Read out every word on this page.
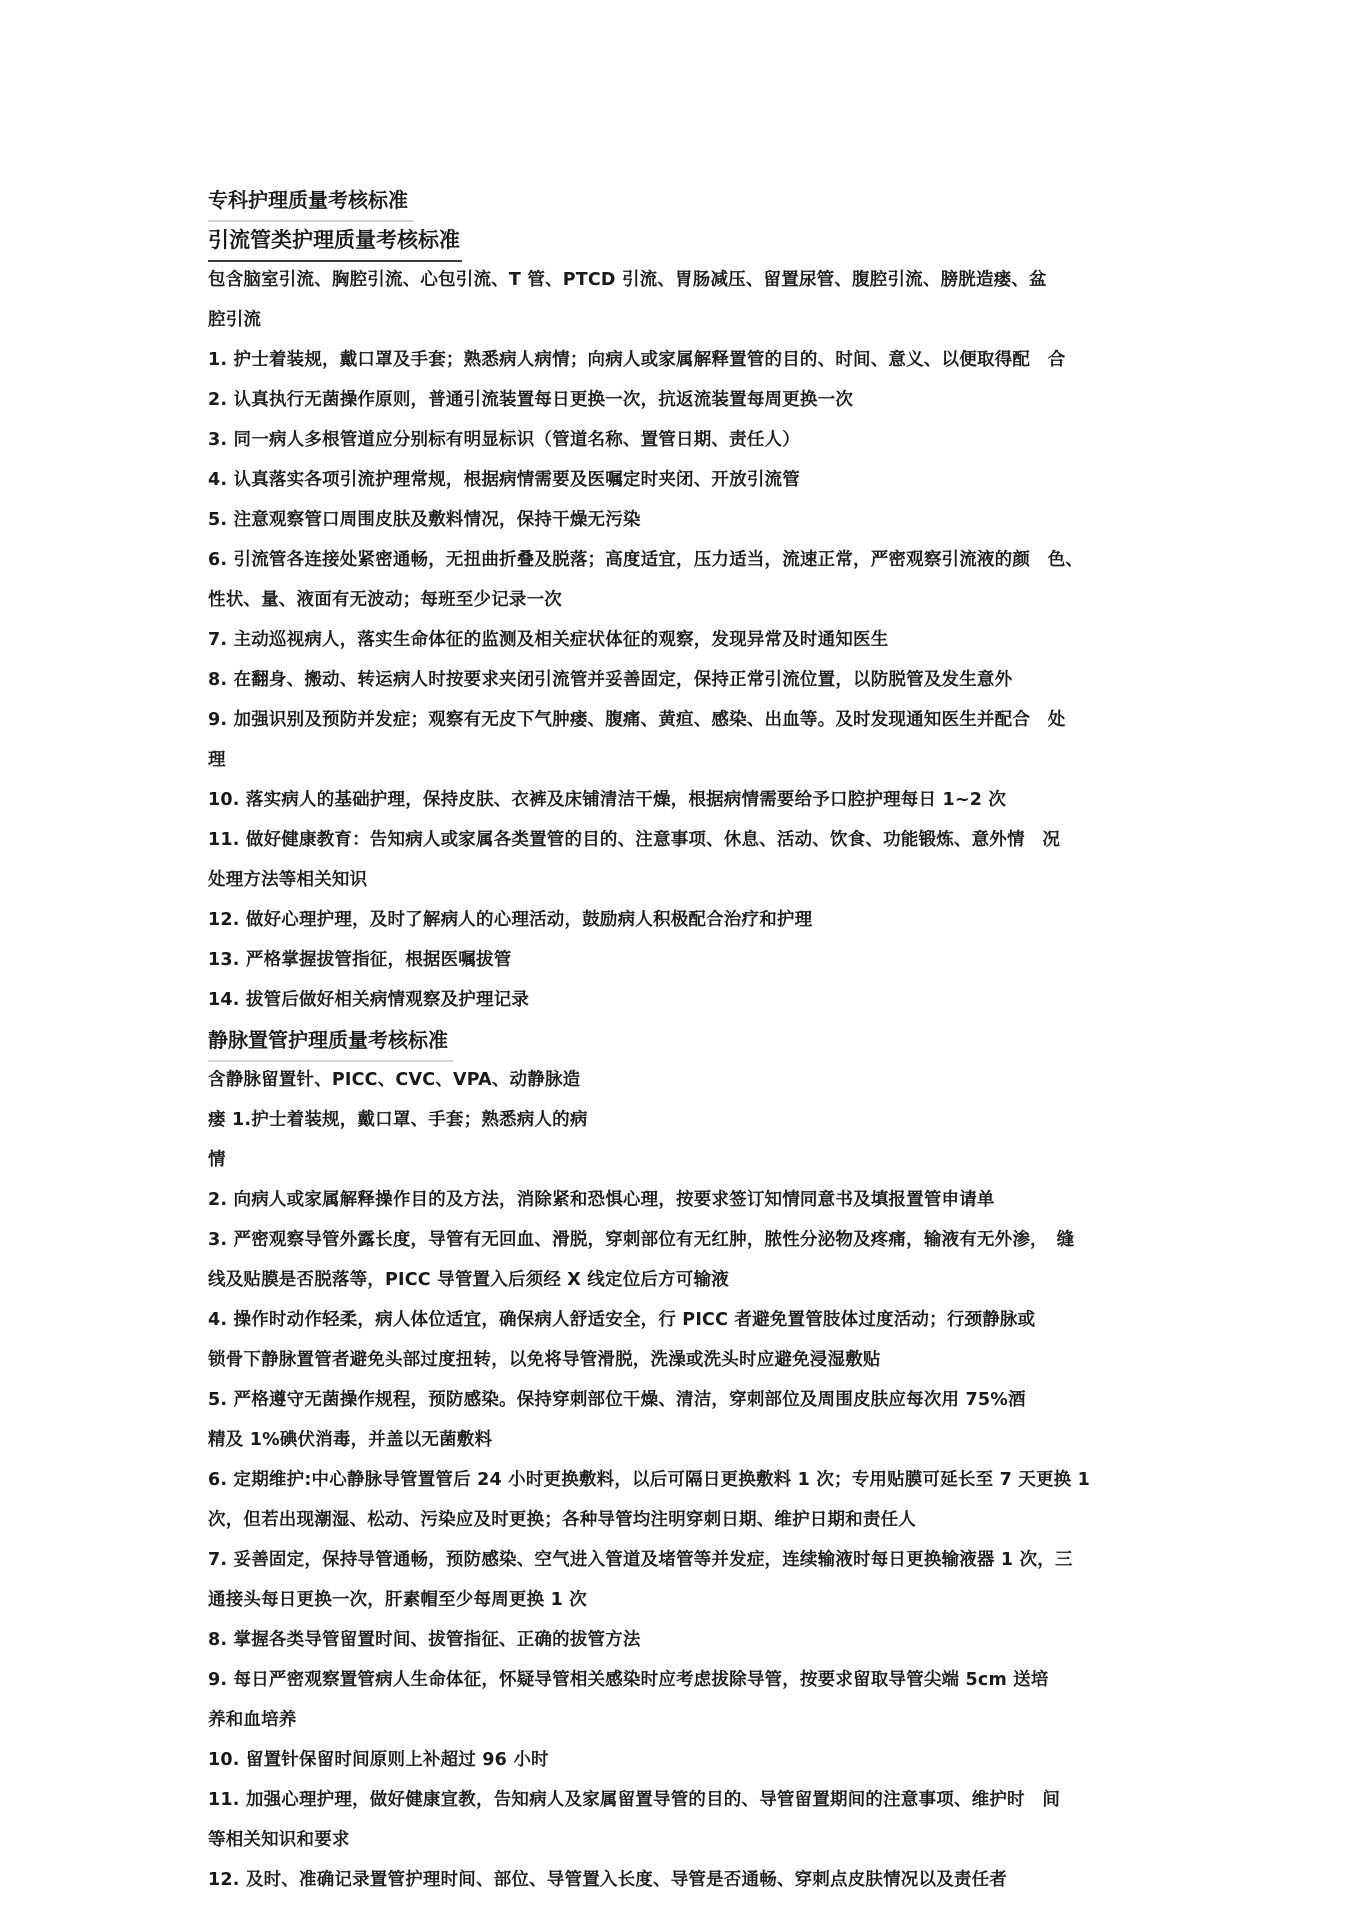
专科护理质量考核标准
引流管类护理质量考核标准
包含脑室引流、胸腔引流、心包引流、T 管、PTCD 引流、胃肠减压、留置尿管、腹腔引流、膀胱造瘘、盆
腔引流
1. 护士着装规，戴口罩及手套；熟悉病人病情；向病人或家属解释置管的目的、时间、意义、以便取得配　合
2. 认真执行无菌操作原则，普通引流装置每日更换一次，抗返流装置每周更换一次
3. 同一病人多根管道应分别标有明显标识（管道名称、置管日期、责任人）
4. 认真落实各项引流护理常规，根据病情需要及医嘱定时夹闭、开放引流管
5. 注意观察管口周围皮肤及敷料情况，保持干燥无污染
6. 引流管各连接处紧密通畅，无扭曲折叠及脱落；高度适宜，压力适当，流速正常，严密观察引流液的颜　色、
性状、量、液面有无波动；每班至少记录一次
7. 主动巡视病人，落实生命体征的监测及相关症状体征的观察，发现异常及时通知医生
8. 在翻身、搬动、转运病人时按要求夹闭引流管并妥善固定，保持正常引流位置，以防脱管及发生意外
9. 加强识别及预防并发症；观察有无皮下气肿瘘、腹痛、黄疸、感染、出血等。及时发现通知医生并配合　处
理
10. 落实病人的基础护理，保持皮肤、衣裤及床铺清洁干燥，根据病情需要给予口腔护理每日 1~2 次
11. 做好健康教育：告知病人或家属各类置管的目的、注意事项、休息、活动、饮食、功能锻炼、意外情　况
处理方法等相关知识
12. 做好心理护理，及时了解病人的心理活动，鼓励病人积极配合治疗和护理
13. 严格掌握拔管指征，根据医嘱拔管
14. 拔管后做好相关病情观察及护理记录
静脉置管护理质量考核标准
含静脉留置针、PICC、CVC、VPA、动静脉造
瘘 1.护士着装规，戴口罩、手套；熟悉病人的病
情
2. 向病人或家属解释操作目的及方法，消除紧和恐惧心理，按要求签订知情同意书及填报置管申请单
3. 严密观察导管外露长度，导管有无回血、滑脱，穿刺部位有无红肿，脓性分泌物及疼痛，输液有无外渗，　缝
线及贴膜是否脱落等，PICC 导管置入后须经 X 线定位后方可输液
4. 操作时动作轻柔，病人体位适宜，确保病人舒适安全，行 PICC 者避免置管肢体过度活动；行颈静脉或
锁骨下静脉置管者避免头部过度扭转，以免将导管滑脱，洗澡或洗头时应避免浸湿敷贴
5. 严格遵守无菌操作规程，预防感染。保持穿刺部位干燥、清洁，穿刺部位及周围皮肤应每次用 75%酒
精及 1%碘伏消毒，并盖以无菌敷料
6. 定期维护:中心静脉导管置管后 24 小时更换敷料，以后可隔日更换敷料 1 次；专用贴膜可延长至 7 天更换 1
次，但若出现潮湿、松动、污染应及时更换；各种导管均注明穿刺日期、维护日期和责任人
7. 妥善固定，保持导管通畅，预防感染、空气进入管道及堵管等并发症，连续输液时每日更换输液器 1 次，三
通接头每日更换一次，肝素帽至少每周更换 1 次
8. 掌握各类导管留置时间、拔管指征、正确的拔管方法
9. 每日严密观察置管病人生命体征，怀疑导管相关感染时应考虑拔除导管，按要求留取导管尖端 5cm 送培
养和血培养
10. 留置针保留时间原则上补超过 96 小时
11. 加强心理护理，做好健康宣教，告知病人及家属留置导管的目的、导管留置期间的注意事项、维护时　间
等相关知识和要求
12. 及时、准确记录置管护理时间、部位、导管置入长度、导管是否通畅、穿刺点皮肤情况以及责任者
